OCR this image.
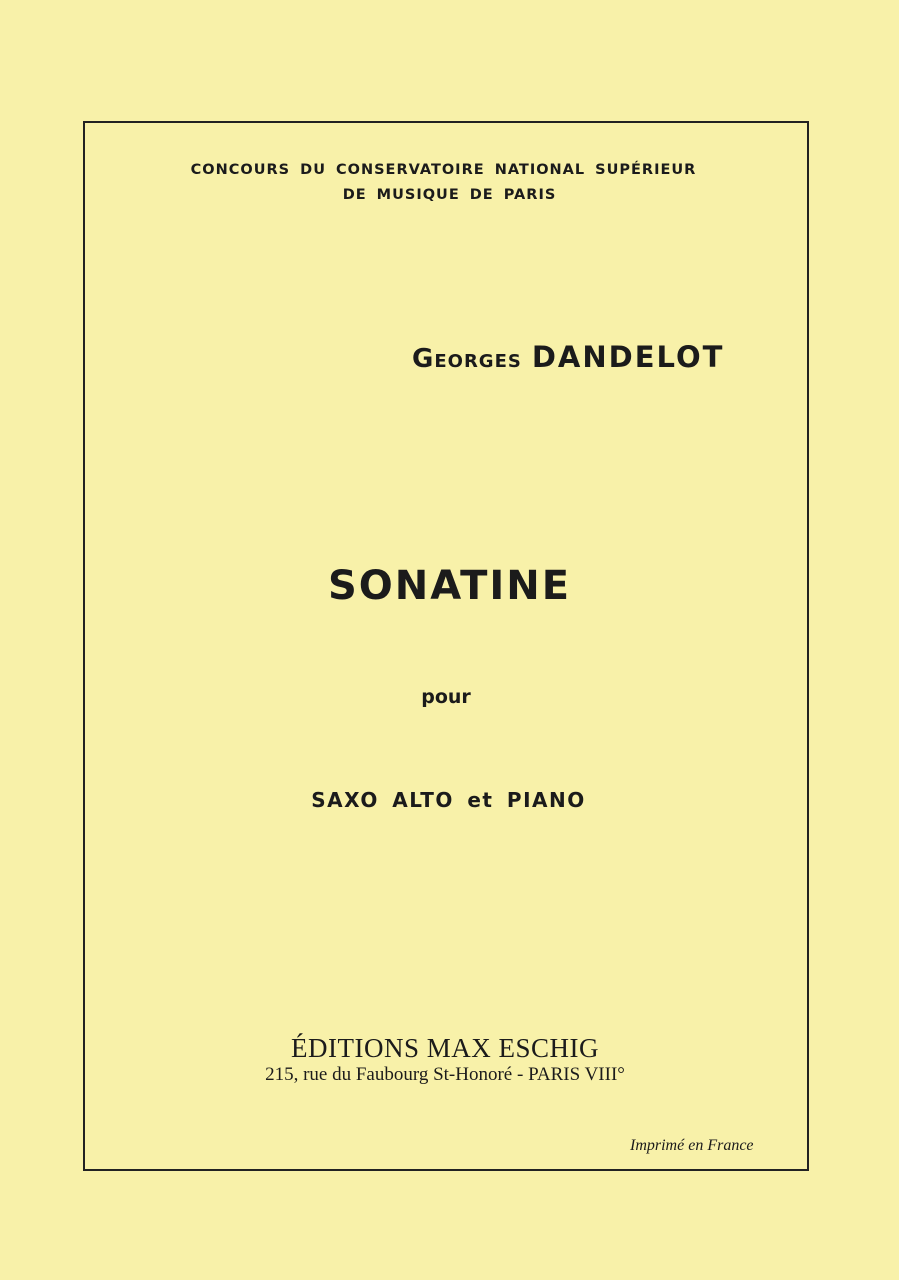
CONCOURS DU CONSERVATOIRE NATIONAL SUPÉRIEUR
DE MUSIQUE DE PARIS
Georges DANDELOT
SONATINE
pour
SAXO ALTO et PIANO
ÉDITIONS MAX ESCHIG
215, rue du Faubourg St-Honoré - PARIS VIII°
Imprimé en France
